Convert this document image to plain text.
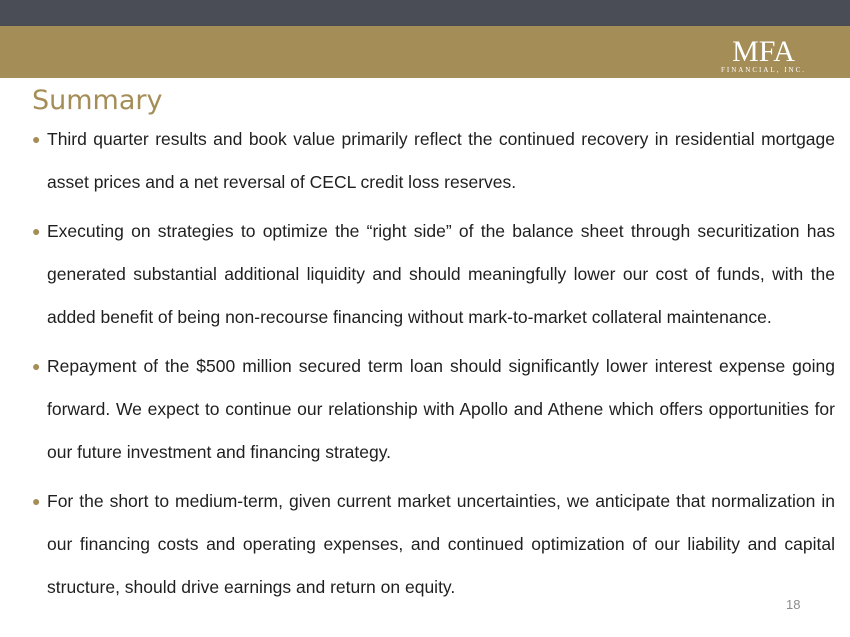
MFA
FINANCIAL, INC.
Summary
● Third quarter results and book value primarily reflect the continued recovery in residential mortgage asset prices and a net reversal of CECL credit loss reserves.
● Executing on strategies to optimize the “right side” of the balance sheet through securitization has generated substantial additional liquidity and should meaningfully lower our cost of funds, with the added benefit of being non-recourse financing without mark-to-market collateral maintenance.
● Repayment of the $500 million secured term loan should significantly lower interest expense going forward. We expect to continue our relationship with Apollo and Athene which offers opportunities for our future investment and financing strategy.
● For the short to medium-term, given current market uncertainties, we anticipate that normalization in our financing costs and operating expenses, and continued optimization of our liability and capital structure, should drive earnings and return on equity.
18
